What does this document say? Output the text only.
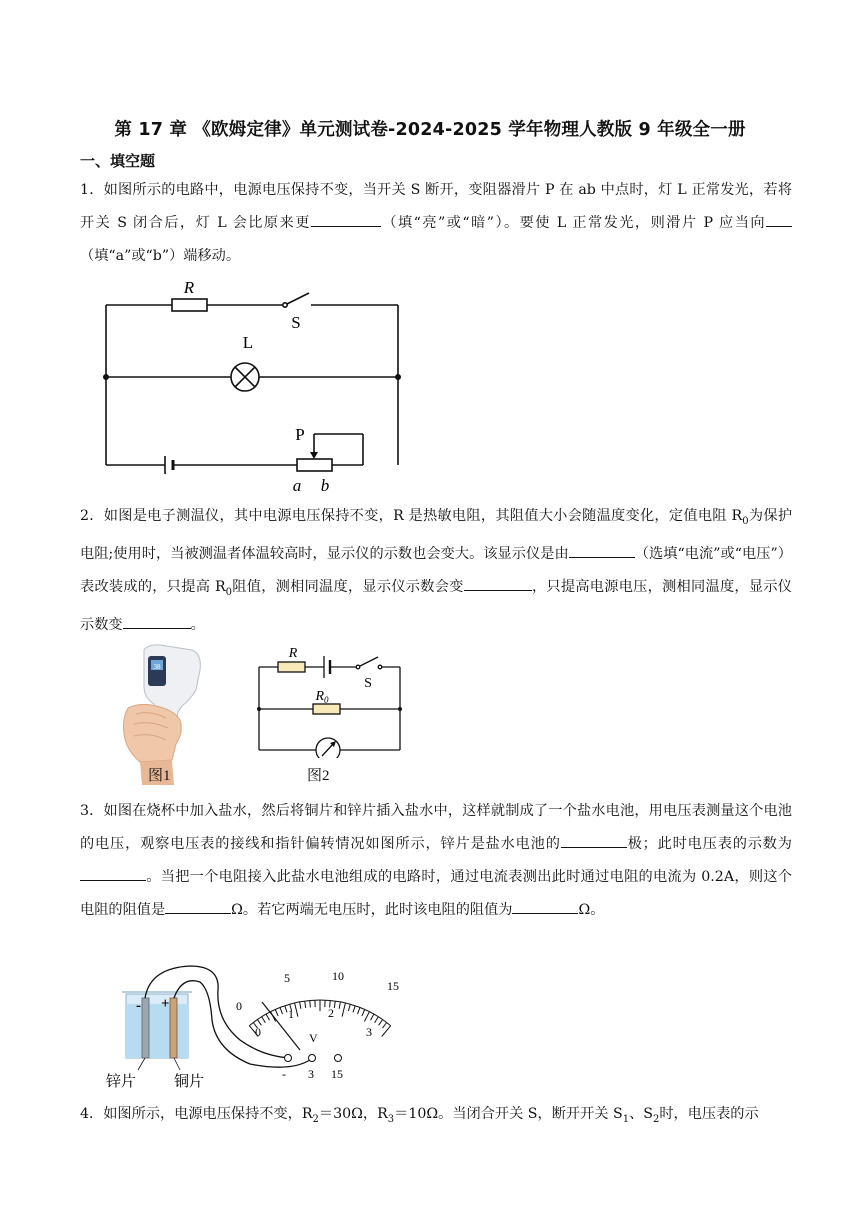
第 17 章 《欧姆定律》单元测试卷-2024-2025 学年物理人教版 9 年级全一册
一、填空题
1．如图所示的电路中，电源电压保持不变，当开关 S 断开，变阻器滑片 P 在 ab 中点时，灯 L 正常发光，若将开关 S 闭合后，灯 L 会比原来更	（填“亮”或“暗”）。要使 L 正常发光，则滑片 P 应当向（填“a”或“b”）端移动。
R
S
L
P
a b
2．如图是电子测温仪，其中电源电压保持不变，R 是热敏电阻，其阻值大小会随温度变化，定值电阻 $R_0$为保护电阻;使用时，当被测温者体温较高时，显示仪的示数也会变大。该显示仪是由	（选填“电流”或“电压”）表改装成的，只提高 $R_0$阻值，测相同温度，显示仪示数会变	，只提高电源电压，测相同温度，显示仪示数变	。
38
图1
R
$R_0$
S
图2
3．如图在烧杯中加入盐水，然后将铜片和锌片插入盐水中，这样就制成了一个盐水电池，用电压表测量这个电池的电压，观察电压表的接线和指针偏转情况如图所示，锌片是盐水电池的	极；此时电压表的示数为。当把一个电阻接入此盐水电池组成的电路时，通过电流表测出此时通过电阻的电流为 0.2A，则这个电阻的阻值是	Ω。若它两端无电压时，此时该电阻的阻值为	Ω。
- +
锌片	铜片
0
5	10
15
0
1	2
3
V
- 3 15
4．如图所示，电源电压保持不变，$R_2=30\Omega$，$R_3=10\Omega$。当闭合开关 S，断开开关 $S_1$、$S_2$时，电压表的示
